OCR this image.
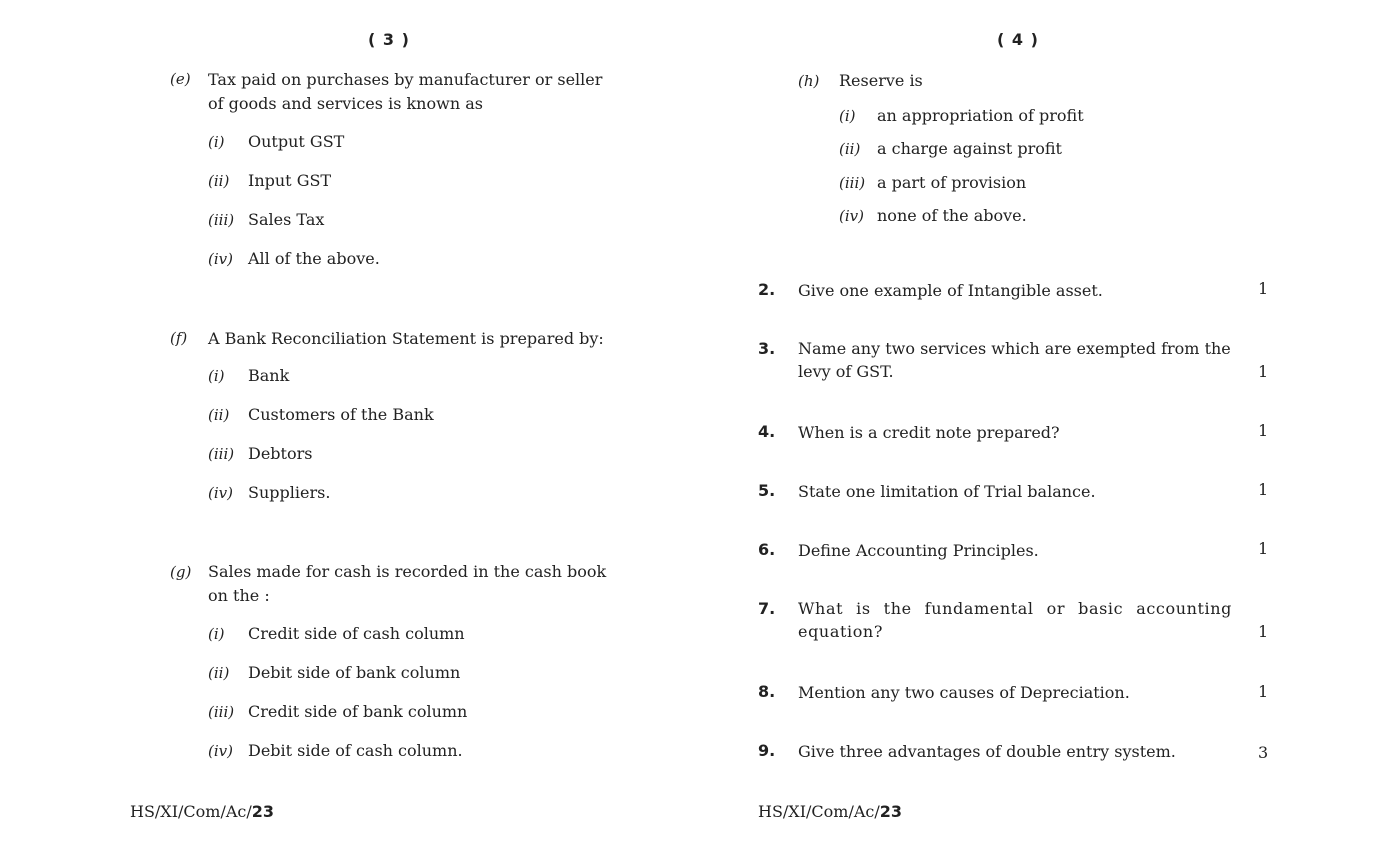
( 3 )
(e) Tax paid on purchases by manufacturer or seller of goods and services is known as
(i) Output GST
(ii) Input GST
(iii) Sales Tax
(iv) All of the above.
(f) A Bank Reconciliation Statement is prepared by:
(i) Bank
(ii) Customers of the Bank
(iii) Debtors
(iv) Suppliers.
(g) Sales made for cash is recorded in the cash book on the :
(i) Credit side of cash column
(ii) Debit side of bank column
(iii) Credit side of bank column
(iv) Debit side of cash column.
HS/XI/Com/Ac/23
( 4 )
(h) Reserve is
(i) an appropriation of profit
(ii) a charge against profit
(iii) a part of provision
(iv) none of the above.
2. Give one example of Intangible asset.	1
3. Name any two services which are exempted from the levy of GST.	1
4. When is a credit note prepared?	1
5. State one limitation of Trial balance.	1
6. Define Accounting Principles.	1
7. What is the fundamental or basic accounting equation?	1
8. Mention any two causes of Depreciation.	1
9. Give three advantages of double entry system.	3
HS/XI/Com/Ac/23
